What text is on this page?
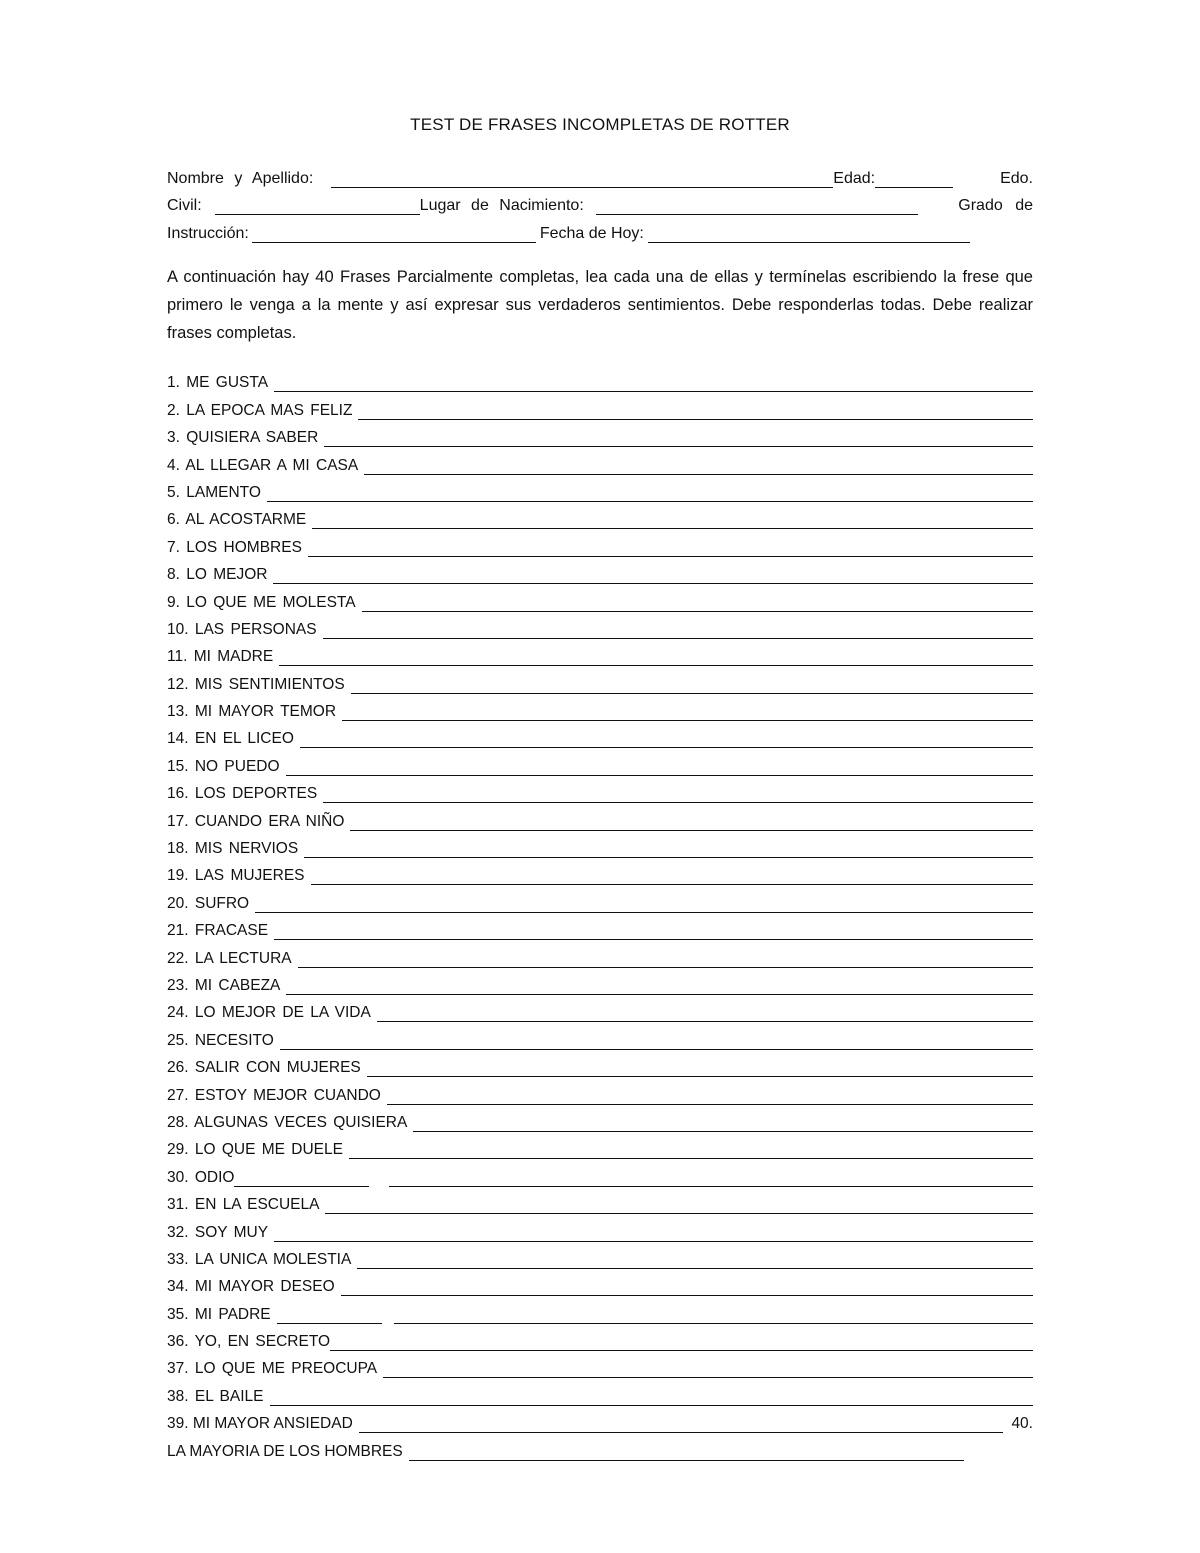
TEST DE FRASES INCOMPLETAS DE ROTTER
Nombre y Apellido:	Edad:	Edo.
Civil:	Lugar de Nacimiento:	Grado de
Instrucción:	Fecha de Hoy:
A continuación hay 40 Frases Parcialmente completas, lea cada una de ellas y termínelas escribiendo la frese que primero le venga a la mente y así expresar sus verdaderos sentimientos. Debe responderlas todas. Debe realizar frases completas.
1. ME GUSTA
2. LA EPOCA MAS FELIZ
3. QUISIERA SABER
4. AL LLEGAR A MI CASA
5. LAMENTO
6. AL ACOSTARME
7. LOS HOMBRES
8. LO MEJOR
9. LO QUE ME MOLESTA
10. LAS PERSONAS
11. MI MADRE
12. MIS SENTIMIENTOS
13. MI MAYOR TEMOR
14. EN EL LICEO
15. NO PUEDO
16. LOS DEPORTES
17. CUANDO ERA NIÑO
18. MIS NERVIOS
19. LAS MUJERES
20. SUFRO
21. FRACASE
22. LA LECTURA
23. MI CABEZA
24. LO MEJOR DE LA VIDA
25. NECESITO
26. SALIR CON MUJERES
27. ESTOY MEJOR CUANDO
28. ALGUNAS VECES QUISIERA
29. LO QUE ME DUELE
30. ODIO
31. EN LA ESCUELA
32. SOY MUY
33. LA UNICA MOLESTIA
34. MI MAYOR DESEO
35. MI PADRE
36. YO, EN SECRETO
37. LO QUE ME PREOCUPA
38. EL BAILE
39. MI MAYOR ANSIEDAD	40.
LA MAYORIA DE LOS HOMBRES
